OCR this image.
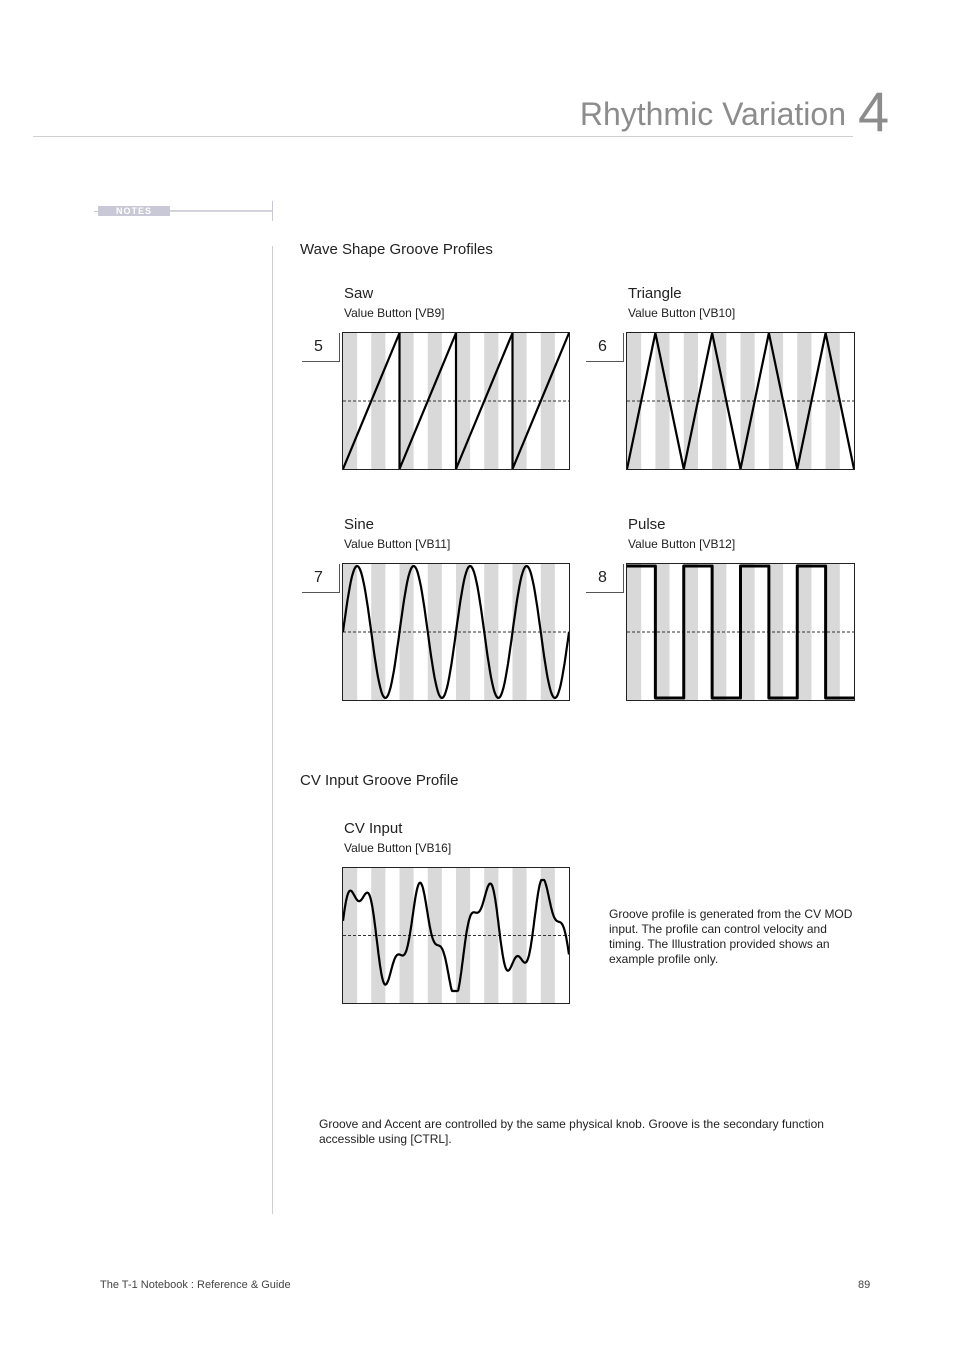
Rhythmic Variation 4
NOTES
Wave Shape Groove Profiles
Saw
Value Button [VB9]
5
Triangle
Value Button [VB10]
6
Sine
Value Button [VB11]
7
Pulse
Value Button [VB12]
8
CV Input Groove Profile
CV Input
Value Button [VB16]
Groove profile is generated from the CV MOD input. The profile can control velocity and timing. The Illustration provided shows an example profile only.
Groove and Accent are controlled by the same physical knob. Groove is the secondary function accessible using [CTRL].
The T-1 Notebook : Reference & Guide	89
